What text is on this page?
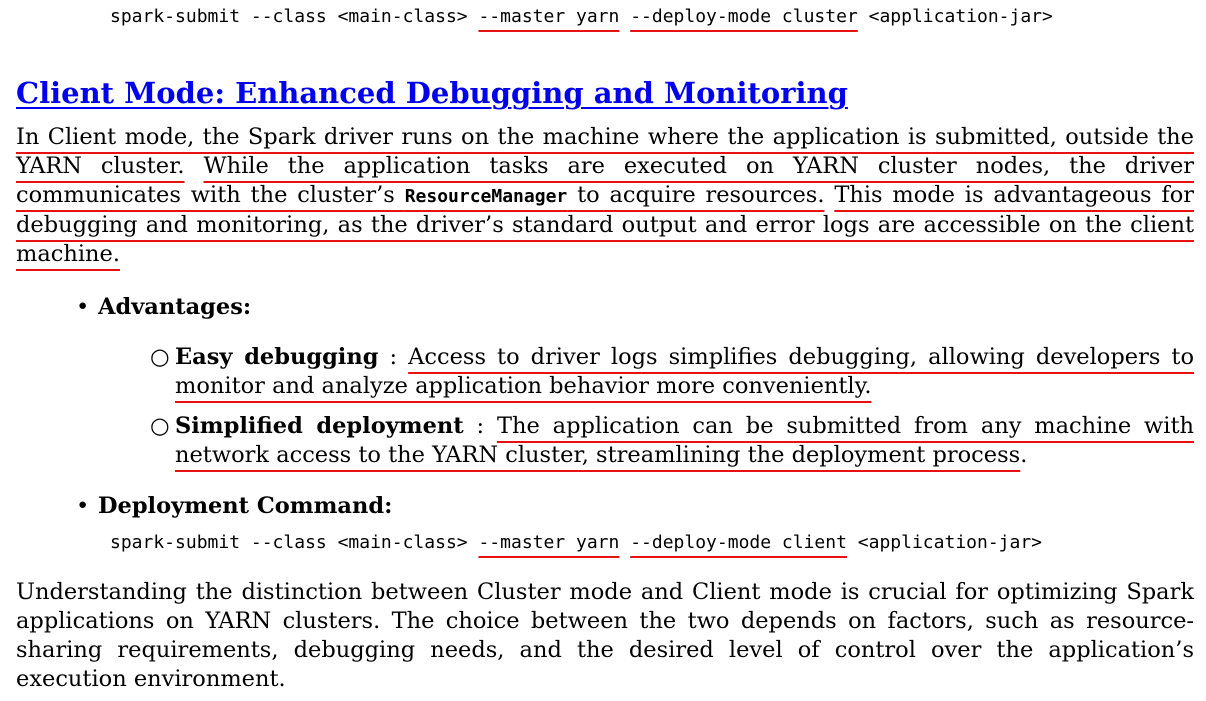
spark-submit --class <main-class> --master yarn --deploy-mode cluster <application-jar>
Client Mode: Enhanced Debugging and Monitoring

In Client mode, the Spark driver runs on the machine where the application is submitted, outside the YARN cluster. While the application tasks are executed on YARN cluster nodes, the driver communicates with the cluster’s ResourceManager to acquire resources. This mode is advantageous for debugging and monitoring, as the driver’s standard output and error logs are accessible on the client machine.

• Advantages:

○ Easy debugging : Access to driver logs simplifies debugging, allowing developers to monitor and analyze application behavior more conveniently.

○ Simplified deployment : The application can be submitted from any machine with network access to the YARN cluster, streamlining the deployment process.

• Deployment Command:

spark-submit --class <main-class> --master yarn --deploy-mode client <application-jar>

Understanding the distinction between Cluster mode and Client mode is crucial for optimizing Spark applications on YARN clusters. The choice between the two depends on factors, such as resource-sharing requirements, debugging needs, and the desired level of control over the application’s execution environment.
